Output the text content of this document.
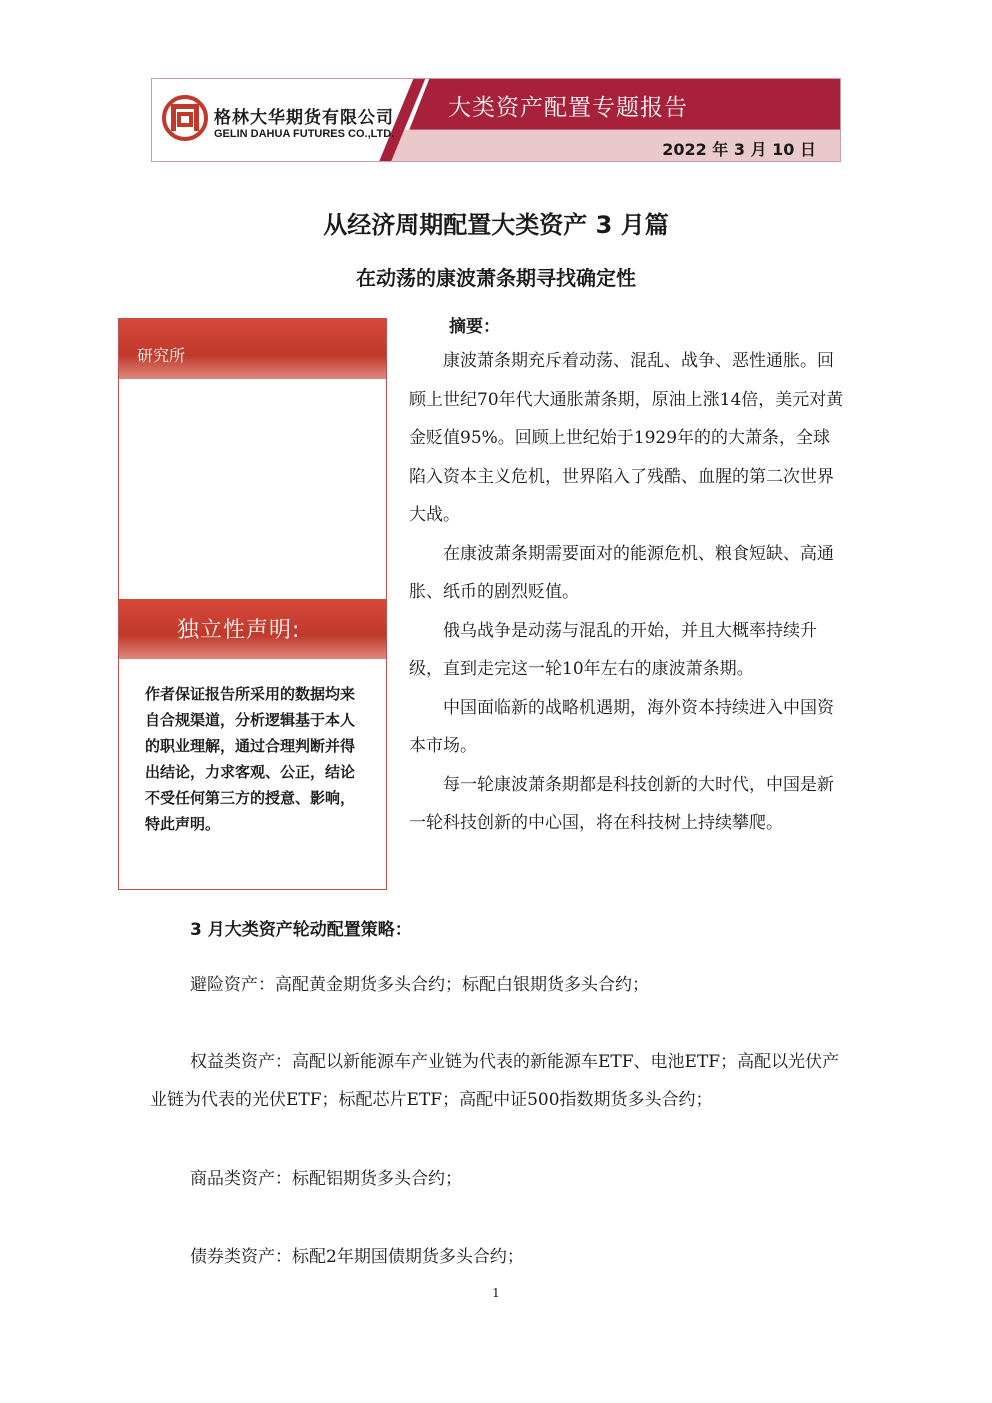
格林大华期货有限公司
GELIN DAHUA FUTURES CO.,LTD.
大类资产配置专题报告
2022 年 3 月 10 日
从经济周期配置大类资产 3 月篇
在动荡的康波萧条期寻找确定性
研究所
独立性声明:
作者保证报告所采用的数据均来自合规渠道，分析逻辑基于本人的职业理解，通过合理判断并得出结论，力求客观、公正，结论不受任何第三方的授意、影响，特此声明。
摘要：

康波萧条期充斥着动荡、混乱、战争、恶性通胀。回顾上世纪70年代大通胀萧条期，原油上涨14倍，美元对黄金贬值95%。回顾上世纪始于1929年的的大萧条，全球陷入资本主义危机，世界陷入了残酷、血腥的第二次世界大战。

在康波萧条期需要面对的能源危机、粮食短缺、高通胀、纸币的剧烈贬值。

俄乌战争是动荡与混乱的开始，并且大概率持续升级，直到走完这一轮10年左右的康波萧条期。

中国面临新的战略机遇期，海外资本持续进入中国资本市场。

每一轮康波萧条期都是科技创新的大时代，中国是新一轮科技创新的中心国，将在科技树上持续攀爬。

3 月大类资产轮动配置策略：

避险资产：高配黄金期货多头合约；标配白银期货多头合约；

权益类资产：高配以新能源车产业链为代表的新能源车ETF、电池ETF；高配以光伏产业链为代表的光伏ETF；标配芯片ETF；高配中证500指数期货多头合约；

商品类资产：标配铝期货多头合约；

债券类资产：标配2年期国债期货多头合约；

1
